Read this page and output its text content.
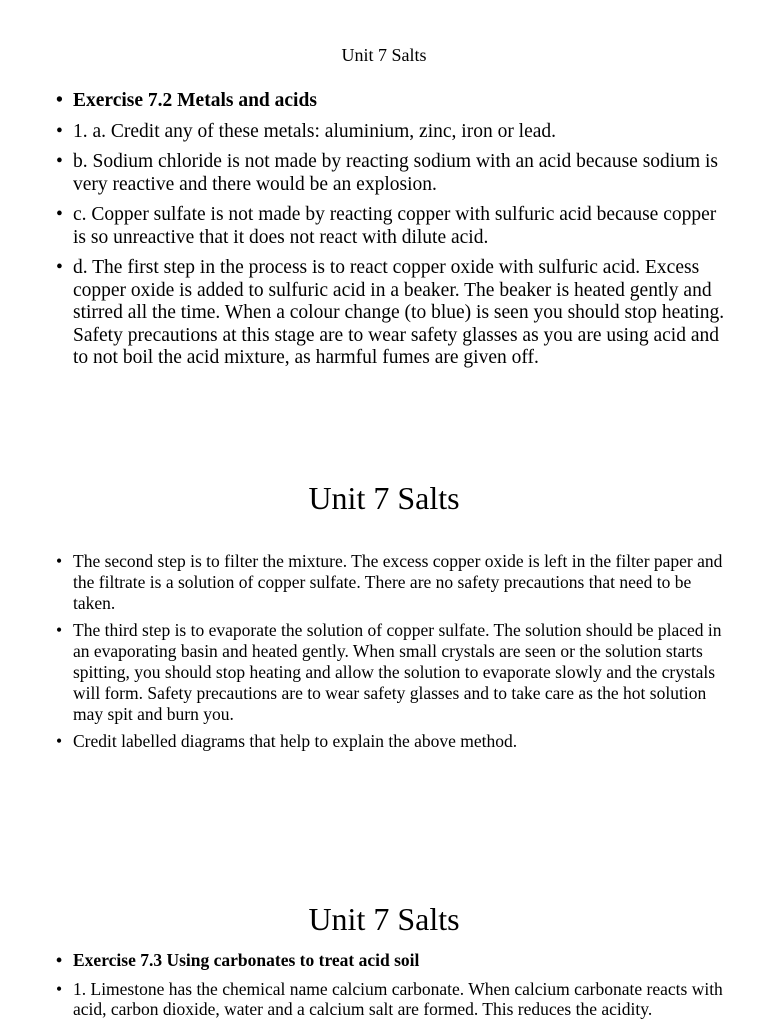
Unit 7 Salts
• Exercise 7.2 Metals and acids
• 1. a. Credit any of these metals: aluminium, zinc, iron or lead.
• b. Sodium chloride is not made by reacting sodium with an acid because sodium is very reactive and there would be an explosion.
• c. Copper sulfate is not made by reacting copper with sulfuric acid because copper is so unreactive that it does not react with dilute acid.
• d. The first step in the process is to react copper oxide with sulfuric acid. Excess copper oxide is added to sulfuric acid in a beaker. The beaker is heated gently and stirred all the time. When a colour change (to blue) is seen you should stop heating. Safety precautions at this stage are to wear safety glasses as you are using acid and to not boil the acid mixture, as harmful fumes are given off.
Unit 7 Salts
• The second step is to filter the mixture. The excess copper oxide is left in the filter paper and the filtrate is a solution of copper sulfate. There are no safety precautions that need to be taken.
• The third step is to evaporate the solution of copper sulfate. The solution should be placed in an evaporating basin and heated gently. When small crystals are seen or the solution starts spitting, you should stop heating and allow the solution to evaporate slowly and the crystals will form. Safety precautions are to wear safety glasses and to take care as the hot solution may spit and burn you.
• Credit labelled diagrams that help to explain the above method.
Unit 7 Salts
• Exercise 7.3 Using carbonates to treat acid soil
• 1. Limestone has the chemical name calcium carbonate. When calcium carbonate reacts with acid, carbon dioxide, water and a calcium salt are formed. This reduces the acidity.
